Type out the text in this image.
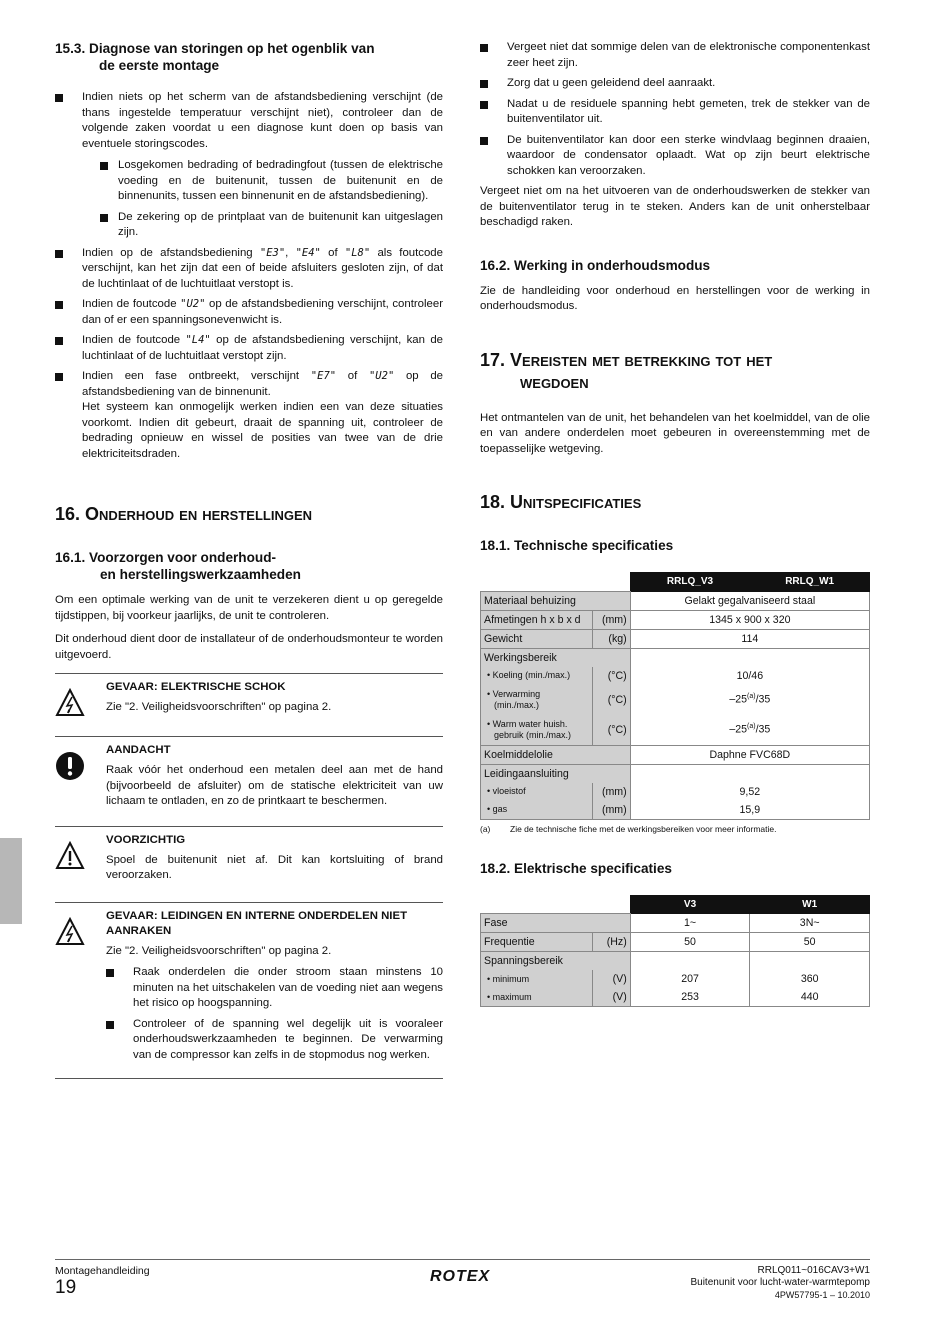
15.3. Diagnose van storingen op het ogenblik van
de eerste montage
Indien niets op het scherm van de afstandsbediening verschijnt (de thans ingestelde temperatuur verschijnt niet), controleer dan de volgende zaken voordat u een diagnose kunt doen op basis van eventuele storingscodes.
Losgekomen bedrading of bedradingfout (tussen de elektrische voeding en de buitenunit, tussen de buitenunit en de binnenunits, tussen een binnenunit en de afstandsbediening).
De zekering op de printplaat van de buitenunit kan uitgeslagen zijn.
Indien op de afstandsbediening "E3", "E4" of "L8" als foutcode verschijnt, kan het zijn dat een of beide afsluiters gesloten zijn, of dat de luchtinlaat of de luchtuitlaat verstopt is.
Indien de foutcode "U2" op de afstandsbediening verschijnt, controleer dan of er een spanningsonevenwicht is.
Indien de foutcode "L4" op de afstandsbediening verschijnt, kan de luchtinlaat of de luchtuitlaat verstopt zijn.
Indien een fase ontbreekt, verschijnt "E7" of "U2" op de afstandsbediening van de binnenunit.
Het systeem kan onmogelijk werken indien een van deze situaties voorkomt. Indien dit gebeurt, draait de spanning uit, controleer de bedrading opnieuw en wissel de posities van twee van de drie elektriciteitsdraden.
16. Onderhoud en herstellingen
16.1. Voorzorgen voor onderhoud-
en herstellingswerkzaamheden

Om een optimale werking van de unit te verzekeren dient u op geregelde tijdstippen, bij voorkeur jaarlijks, de unit te controleren.

Dit onderhoud dient door de installateur of de onderhoudsmonteur te worden uitgevoerd.

GEVAAR: ELEKTRISCHE SCHOK

Zie "2. Veiligheidsvoorschriften" op pagina 2.

AANDACHT

Raak vóór het onderhoud een metalen deel aan met de hand (bijvoorbeeld de afsluiter) om de statische elektriciteit van uw lichaam te ontladen, en zo de printkaart te beschermen.

VOORZICHTIG

Spoel de buitenunit niet af. Dit kan kortsluiting of brand veroorzaken.

GEVAAR: LEIDINGEN EN INTERNE ONDERDELEN NIET AANRAKEN

Zie "2. Veiligheidsvoorschriften" op pagina 2.

Raak onderdelen die onder stroom staan minstens 10 minuten na het uitschakelen van de voeding niet aan wegens het risico op hoogspanning.
Controleer of de spanning wel degelijk uit is vooraleer onderhoudswerkzaamheden te beginnen. De verwarming van de compressor kan zelfs in de stopmodus nog werken.
Vergeet niet dat sommige delen van de elektronische componentenkast zeer heet zijn.
Zorg dat u geen geleidend deel aanraakt.
Nadat u de residuele spanning hebt gemeten, trek de stekker van de buitenventilator uit.
De buitenventilator kan door een sterke windvlaag beginnen draaien, waardoor de condensator oplaadt. Wat op zijn beurt elektrische schokken kan veroorzaken.

Vergeet niet om na het uitvoeren van de onderhoudswerken de stekker van de buitenventilator terug in te steken. Anders kan de unit onherstelbaar beschadigd raken.

16.2. Werking in onderhoudsmodus

Zie de handleiding voor onderhoud en herstellingen voor de werking in onderhoudsmodus.

17. Vereisten met betrekking tot het
wegdoen

Het ontmantelen van de unit, het behandelen van het koelmiddel, van de olie en van andere onderdelen moet gebeuren in overeenstemming met de toepasselijke wetgeving.

18. Unitspecificaties
18.1. Technische specificaties
		RRLQ_V3	RRLQ_W1
Materiaal behuizing		Gelakt gegalvaniseerd staal	
Afmetingen h x b x d	(mm)	1345 x 900 x 320	
Gewicht	(kg)	114	
Werkingsbereik			
• Koeling (min./max.)	(°C)	10/46	
• Verwarming
(min./max.)	(°C)	–25$^{(a)}$/35	
• Warm water huish.
gebruik (min./max.)	(°C)	–25$^{(a)}$/35	
Koelmiddelolie		Daphne FVC68D	
Leidingaansluiting			
• vloeistof	(mm)	9,52	
• gas	(mm)	15,9	
(a) Zie de technische fiche met de werkingsbereiken voor meer informatie.
18.2. Elektrische specificaties
		V3	W1
Fase		1~	3N~
Frequentie	(Hz)	50	50
Spanningsbereik			
• minimum	(V)	207	360
• maximum	(V)	253	440
Montagehandleiding
19
ROTEX	RRLQ011~016CAV3+W1
Buitenunit voor lucht-water-warmtepomp
4PW57795-1 – 10.2010
